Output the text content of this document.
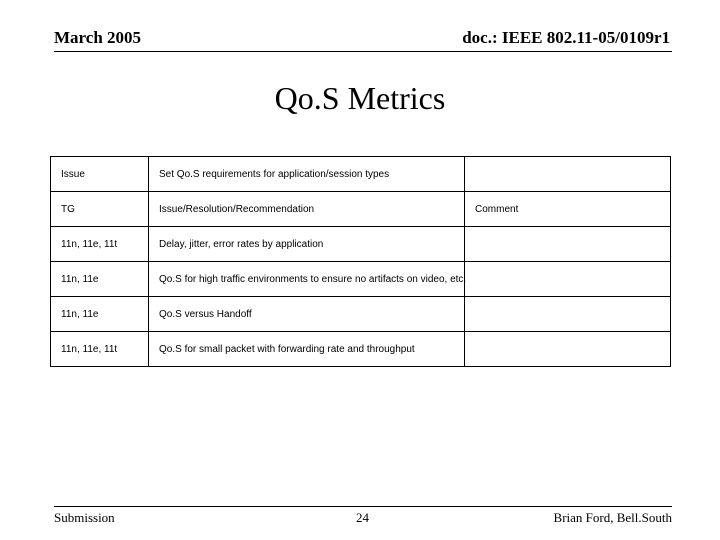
March 2005	doc.: IEEE 802.11-05/0109r1
Qo.S Metrics
Issue	Set Qo.S requirements for application/session types	
TG	Issue/Resolution/Recommendation	Comment
11n, 11e, 11t	Delay, jitter, error rates by application	
11n, 11e	Qo.S for high traffic environments to ensure no artifacts on video, etc.	
11n, 11e	Qo.S versus Handoff	
11n, 11e, 11t	Qo.S for small packet with forwarding rate and throughput	
Submission	24	Brian Ford, Bell.South
